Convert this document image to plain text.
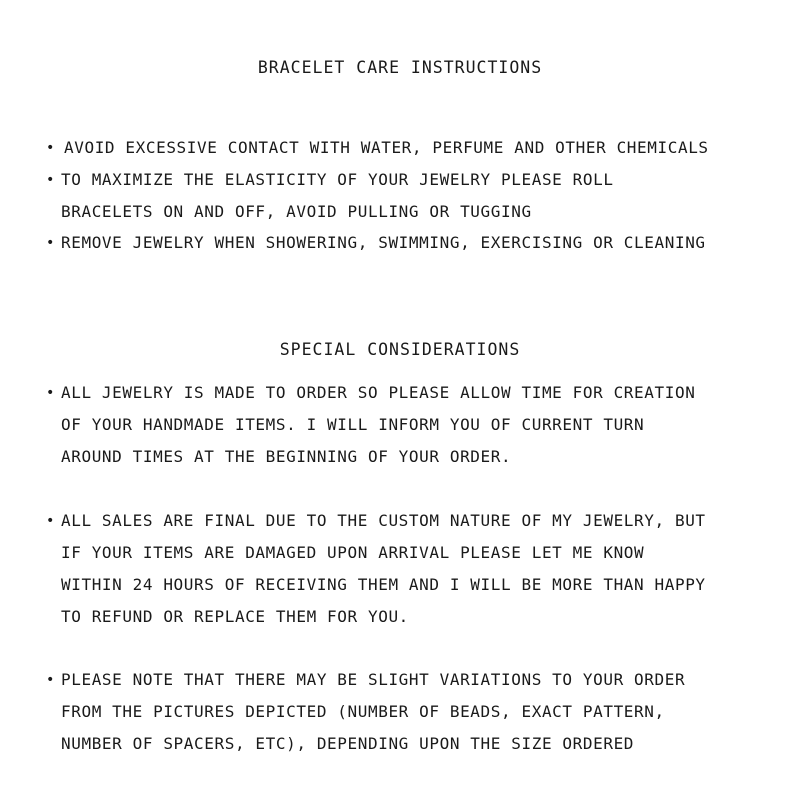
BRACELET CARE INSTRUCTIONS
• AVOID EXCESSIVE CONTACT WITH WATER, PERFUME AND OTHER CHEMICALS
• TO MAXIMIZE THE ELASTICITY OF YOUR JEWELRY PLEASE ROLL
BRACELETS ON AND OFF, AVOID PULLING OR TUGGING
• REMOVE JEWELRY WHEN SHOWERING, SWIMMING, EXERCISING OR CLEANING
SPECIAL CONSIDERATIONS
• ALL JEWELRY IS MADE TO ORDER SO PLEASE ALLOW TIME FOR CREATION
OF YOUR HANDMADE ITEMS. I WILL INFORM YOU OF CURRENT TURN
AROUND TIMES AT THE BEGINNING OF YOUR ORDER.
• ALL SALES ARE FINAL DUE TO THE CUSTOM NATURE OF MY JEWELRY, BUT
IF YOUR ITEMS ARE DAMAGED UPON ARRIVAL PLEASE LET ME KNOW
WITHIN 24 HOURS OF RECEIVING THEM AND I WILL BE MORE THAN HAPPY
TO REFUND OR REPLACE THEM FOR YOU.
• PLEASE NOTE THAT THERE MAY BE SLIGHT VARIATIONS TO YOUR ORDER
FROM THE PICTURES DEPICTED (NUMBER OF BEADS, EXACT PATTERN,
NUMBER OF SPACERS, ETC), DEPENDING UPON THE SIZE ORDERED
